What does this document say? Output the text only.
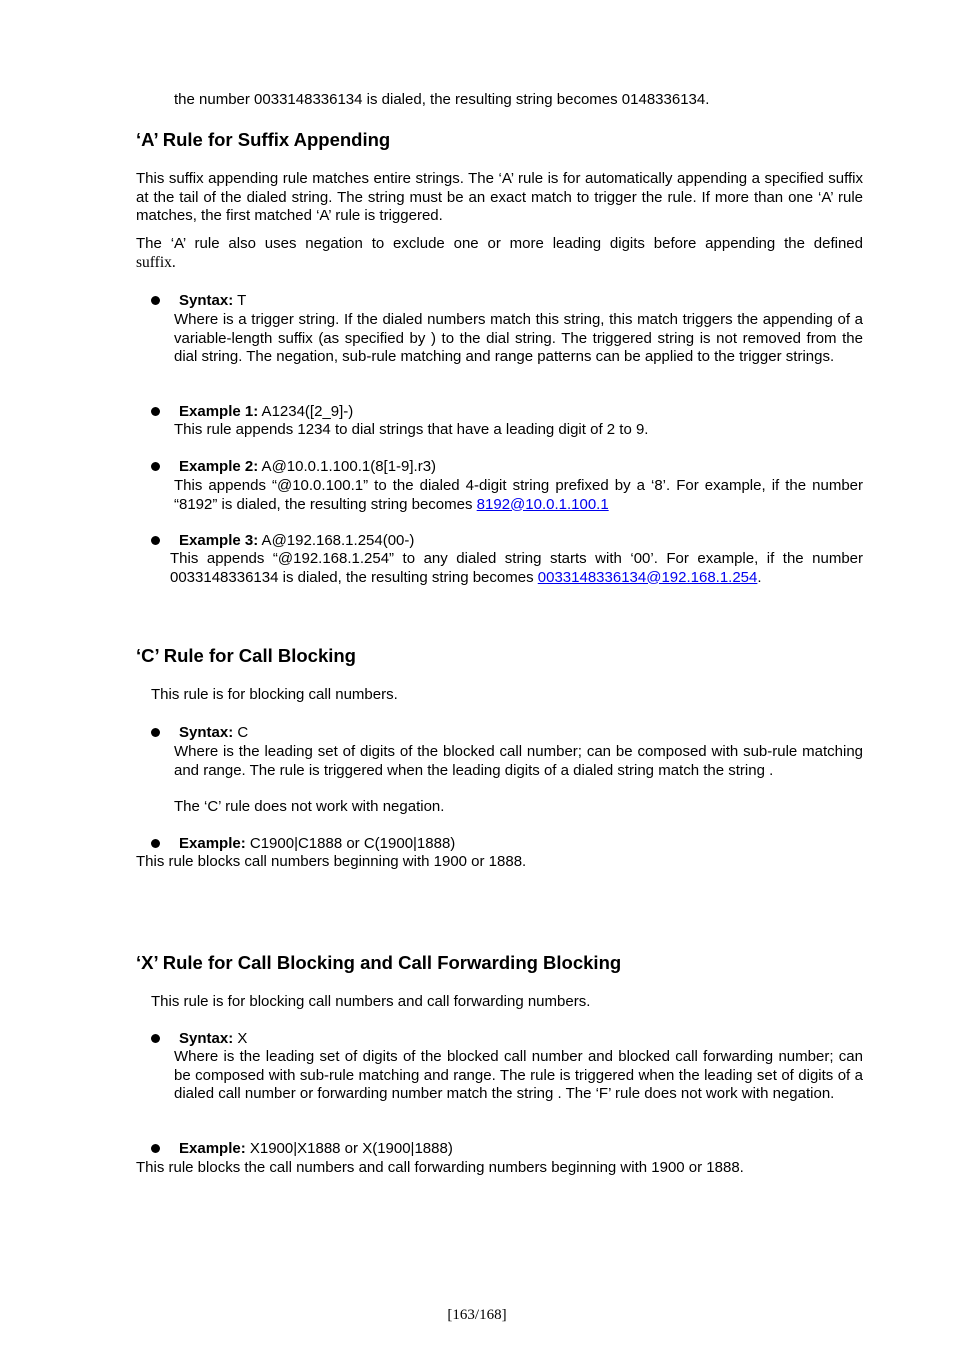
the number 0033148336134 is dialed, the resulting string becomes 0148336134.
‘A’ Rule for Suffix Appending
This suffix appending rule matches entire strings. The ‘A’ rule is for automatically appending a specified suffix at the tail of the dialed string. The string must be an exact match to trigger the rule. If more than one ‘A’ rule matches, the first matched ‘A’ rule is triggered.
The ‘A’ rule also uses negation to exclude one or more leading digits before appending the defined
suffix.
Syntax: T
Where is a trigger string. If the dialed numbers match this string, this match triggers the appending of a variable-length suffix (as specified by ) to the dial string. The triggered string is not removed from the dial string. The negation, sub-rule matching and range patterns can be applied to the trigger strings.
Example 1: A1234([2_9]-)
This rule appends 1234 to dial strings that have a leading digit of 2 to 9.
Example 2: A@10.0.1.100.1(8[1-9].r3)
This appends “@10.0.100.1” to the dialed 4-digit string prefixed by a ‘8’. For example, if the number “8192” is dialed, the resulting string becomes 8192@10.0.1.100.1
Example 3: A@192.168.1.254(00-)
This appends “@192.168.1.254” to any dialed string starts with ‘00’. For example, if the number 0033148336134 is dialed, the resulting string becomes 0033148336134@192.168.1.254.
‘C’ Rule for Call Blocking
This rule is for blocking call numbers.
Syntax: C
Where is the leading set of digits of the blocked call number; can be composed with sub-rule matching and range. The rule is triggered when the leading digits of a dialed string match the string .
The ‘C’ rule does not work with negation.
Example: C1900|C1888 or C(1900|1888)
This rule blocks call numbers beginning with 1900 or 1888.
‘X’ Rule for Call Blocking and Call Forwarding Blocking
This rule is for blocking call numbers and call forwarding numbers.
Syntax: X
Where is the leading set of digits of the blocked call number and blocked call forwarding number; can be composed with sub-rule matching and range. The rule is triggered when the leading set of digits of a dialed call number or forwarding number match the string . The ‘F’ rule does not work with negation.
Example: X1900|X1888 or X(1900|1888)
This rule blocks the call numbers and call forwarding numbers beginning with 1900 or 1888.
[163/168]
